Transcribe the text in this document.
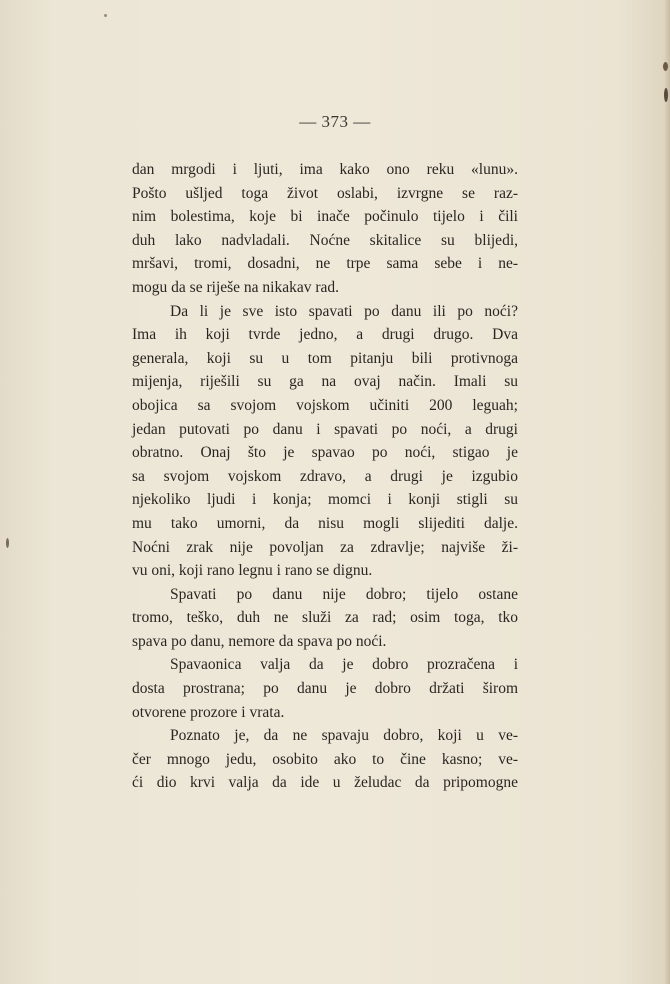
— 373 —

dan mrgodi i ljuti, ima kako ono reku «lunu».
Pošto ušljed toga život oslabi, izvrgne se raz-
nim bolestima, koje bi inače počinulo tijelo i čili
duh lako nadvladali. Noćne skitalice su blijedi,
mršavi, tromi, dosadni, ne trpe sama sebe i ne-
mogu da se riješe na nikakav rad.

Da li je sve isto spavati po danu ili po noći?
Ima ih koji tvrde jedno, a drugi drugo. Dva
generala, koji su u tom pitanju bili protivnoga
mijenja, riješili su ga na ovaj način. Imali su
obojica sa svojom vojskom učiniti 200 leguah;
jedan putovati po danu i spavati po noći, a drugi
obratno. Onaj što je spavao po noći, stigao je
sa svojom vojskom zdravo, a drugi je izgubio
njekoliko ljudi i konja; momci i konji stigli su
mu tako umorni, da nisu mogli slijediti dalje.
Noćni zrak nije povoljan za zdravlje; najviše ži-
vu oni, koji rano legnu i rano se dignu.

Spavati po danu nije dobro; tijelo ostane
tromo, teško, duh ne služi za rad; osim toga, tko
spava po danu, nemore da spava po noći.

Spavaonica valja da je dobro prozračena i
dosta prostrana; po danu je dobro držati širom
otvorene prozore i vrata.

Poznato je, da ne spavaju dobro, koji u ve-
čer mnogo jedu, osobito ako to čine kasno; ve-
ći dio krvi valja da ide u želudac da pripomogne
